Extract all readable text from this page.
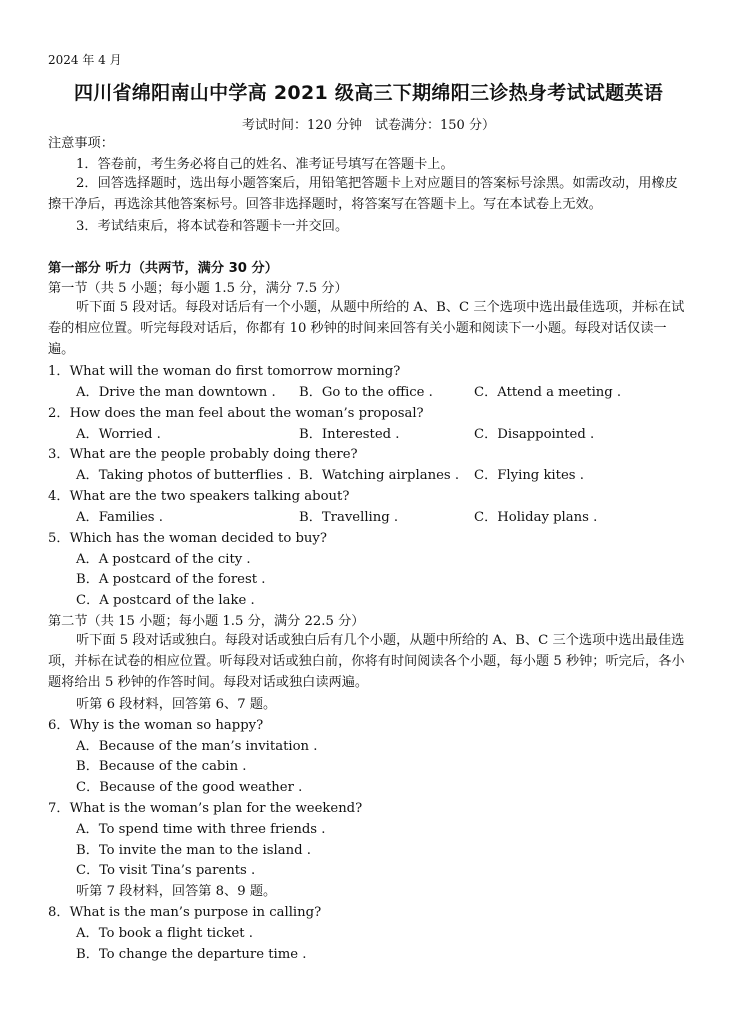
2024 年 4 月
四川省绵阳南山中学高 2021 级高三下期绵阳三诊热身考试试题英语
考试时间：120 分钟　试卷满分：150 分）
注意事项：
1．答卷前，考生务必将自己的姓名、准考证号填写在答题卡上。
2．回答选择题时，选出每小题答案后，用铅笔把答题卡上对应题目的答案标号涂黑。如需改动，用橡皮擦干净后，再选涂其他答案标号。回答非选择题时，将答案写在答题卡上。写在本试卷上无效。
3．考试结束后，将本试卷和答题卡一并交回。
第一部分 听力（共两节，满分 30 分）
第一节（共 5 小题；每小题 1.5 分，满分 7.5 分）
听下面 5 段对话。每段对话后有一个小题，从题中所给的 A、B、C 三个选项中选出最佳选项，并标在试卷的相应位置。听完每段对话后，你都有 10 秒钟的时间来回答有关小题和阅读下一小题。每段对话仅读一遍。
1．What will the woman do first tomorrow morning?
A．Drive the man downtown . B．Go to the office .	C．Attend a meeting .
2．How does the man feel about the woman’s proposal?
A．Worried .	B．Interested .	C．Disappointed .
3．What are the people probably doing there?
A．Taking photos of butterflies . B．Watching airplanes . C．Flying kites .
4．What are the two speakers talking about?
A．Families .	B．Travelling .	C．Holiday plans .
5．Which has the woman decided to buy?
A．A postcard of the city .
B．A postcard of the forest .
C．A postcard of the lake .
第二节（共 15 小题；每小题 1.5 分，满分 22.5 分）
听下面 5 段对话或独白。每段对话或独白后有几个小题，从题中所给的 A、B、C 三个选项中选出最佳选项，并标在试卷的相应位置。听每段对话或独白前，你将有时间阅读各个小题，每小题 5 秒钟；听完后，各小题将给出 5 秒钟的作答时间。每段对话或独白读两遍。
听第 6 段材料，回答第 6、7 题。
6．Why is the woman so happy?
A．Because of the man’s invitation .
B．Because of the cabin .
C．Because of the good weather .
7．What is the woman’s plan for the weekend?
A．To spend time with three friends .
B．To invite the man to the island .
C．To visit Tina’s parents .
听第 7 段材料，回答第 8、9 题。
8．What is the man’s purpose in calling?
A．To book a flight ticket .
B．To change the departure time .
